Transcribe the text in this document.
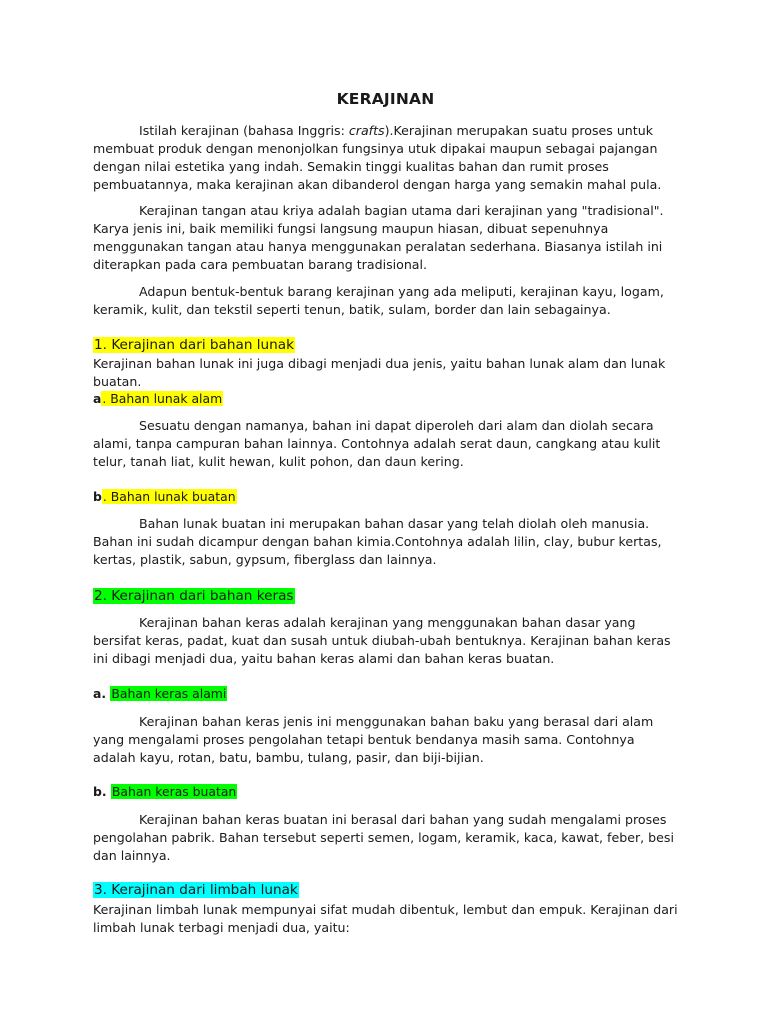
KERAJINAN

Istilah kerajinan (bahasa Inggris: crafts).Kerajinan merupakan suatu proses untuk membuat produk dengan menonjolkan fungsinya utuk dipakai maupun sebagai pajangan dengan nilai estetika yang indah. Semakin tinggi kualitas bahan dan rumit proses pembuatannya, maka kerajinan akan dibanderol dengan harga yang semakin mahal pula.

Kerajinan tangan atau kriya adalah bagian utama dari kerajinan yang "tradisional". Karya jenis ini, baik memiliki fungsi langsung maupun hiasan, dibuat sepenuhnya menggunakan tangan atau hanya menggunakan peralatan sederhana. Biasanya istilah ini diterapkan pada cara pembuatan barang tradisional.

Adapun bentuk-bentuk barang kerajinan yang ada meliputi, kerajinan kayu, logam, keramik, kulit, dan tekstil seperti tenun, batik, sulam, border dan lain sebagainya.

1. Kerajinan dari bahan lunak

Kerajinan bahan lunak ini juga dibagi menjadi dua jenis, yaitu bahan lunak alam dan lunak buatan.

a. Bahan lunak alam

Sesuatu dengan namanya, bahan ini dapat diperoleh dari alam dan diolah secara alami, tanpa campuran bahan lainnya. Contohnya adalah serat daun, cangkang atau kulit telur, tanah liat, kulit hewan, kulit pohon, dan daun kering.

b. Bahan lunak buatan

Bahan lunak buatan ini merupakan bahan dasar yang telah diolah oleh manusia. Bahan ini sudah dicampur dengan bahan kimia.Contohnya adalah lilin, clay, bubur kertas, kertas, plastik, sabun, gypsum, fiberglass dan lainnya.

2. Kerajinan dari bahan keras

Kerajinan bahan keras adalah kerajinan yang menggunakan bahan dasar yang bersifat keras, padat, kuat dan susah untuk diubah-ubah bentuknya. Kerajinan bahan keras ini dibagi menjadi dua, yaitu bahan keras alami dan bahan keras buatan.

a. Bahan keras alami

Kerajinan bahan keras jenis ini menggunakan bahan baku yang berasal dari alam yang mengalami proses pengolahan tetapi bentuk bendanya masih sama. Contohnya adalah kayu, rotan, batu, bambu, tulang, pasir, dan biji-bijian.

b. Bahan keras buatan

Kerajinan bahan keras buatan ini berasal dari bahan yang sudah mengalami proses pengolahan pabrik. Bahan tersebut seperti semen, logam, keramik, kaca, kawat, feber, besi dan lainnya.

3. Kerajinan dari limbah lunak

Kerajinan limbah lunak mempunyai sifat mudah dibentuk, lembut dan empuk. Kerajinan dari limbah lunak terbagi menjadi dua, yaitu:
